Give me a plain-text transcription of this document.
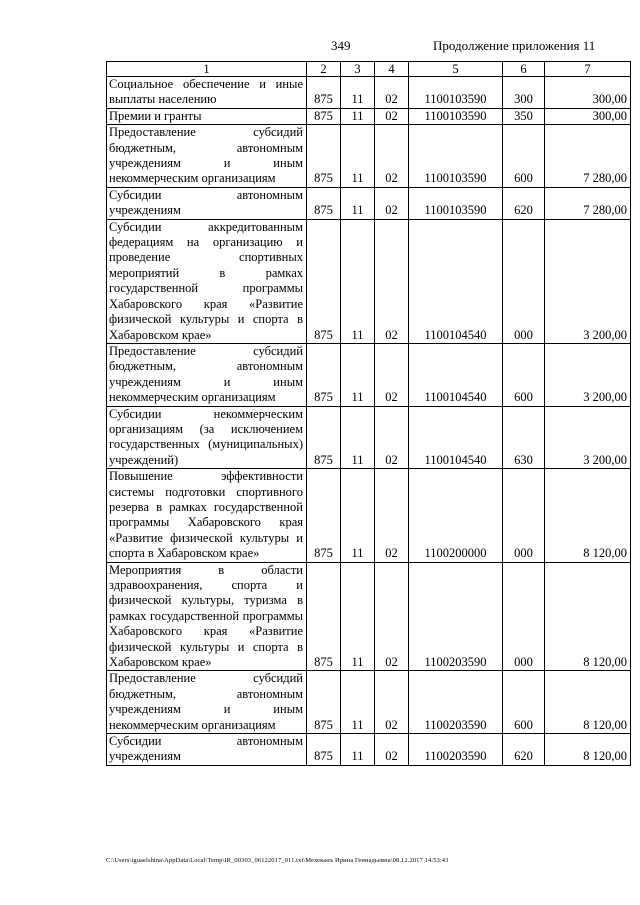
349	Продолжение приложения 11
1	2	3	4	5	6	7
Социальное обеспечение и иные выплаты населению	875	11	02	1100103590	300	300,00
Премии и гранты	875	11	02	1100103590	350	300,00
Предоставление субсидий бюджетным, автономным учреждениям и иным некоммерческим организациям	875	11	02	1100103590	600	7 280,00
Субсидии автономным учреждениям	875	11	02	1100103590	620	7 280,00
Субсидии аккредитованным федерациям на организацию и проведение спортивных мероприятий в рамках государственной программы Хабаровского края «Развитие физической культуры и спорта в Хабаровском крае»	875	11	02	1100104540	000	3 200,00
Предоставление субсидий бюджетным, автономным учреждениям и иным некоммерческим организациям	875	11	02	1100104540	600	3 200,00
Субсидии некоммерческим организациям (за исключением государственных (муниципальных) учреждений)	875	11	02	1100104540	630	3 200,00
Повышение эффективности системы подготовки спортивного резерва в рамках государственной программы Хабаровского края «Развитие физической культуры и спорта в Хабаровском крае»	875	11	02	1100200000	000	8 120,00
Мероприятия в области здравоохранения, спорта и физической культуры, туризма в рамках государственной программы Хабаровского края «Развитие физической культуры и спорта в Хабаровском крае»	875	11	02	1100203590	000	8 120,00
Предоставление субсидий бюджетным, автономным учреждениям и иным некоммерческим организациям	875	11	02	1100203590	600	8 120,00
Субсидии автономным учреждениям	875	11	02	1100203590	620	8 120,00
C:\Users\iguaelshina\AppData\Local\Temp\IR_00303_06122017_011.txt\Мехеканъ Ирина Геннадьевна\08.12.2017 14:53:43
